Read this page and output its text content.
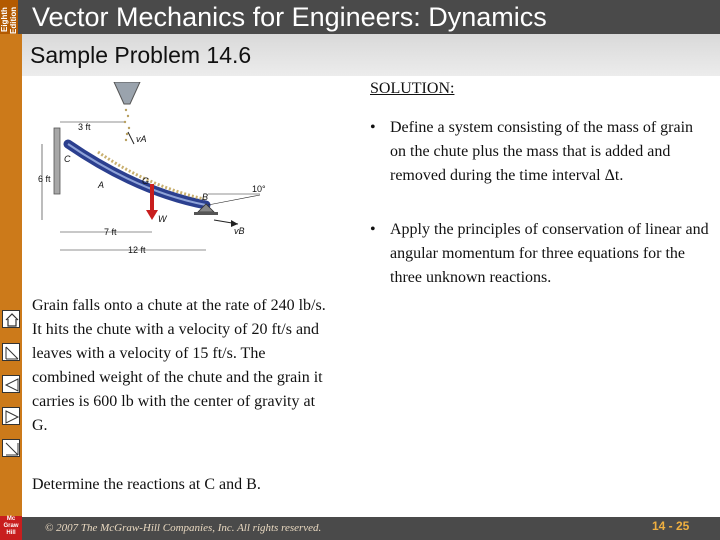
Eighth Edition Vector Mechanics for Engineers: Dynamics
Sample Problem 14.6
3 ft
6 ft
7 ft
12 ft
10°
C
A	G
B
W
vA
vB
SOLUTION:
• Define a system consisting of the mass of grain on the chute plus the mass that is added and removed during the time interval Δt.
• Apply the principles of conservation of linear and angular momentum for three equations for the three unknown reactions.
Grain falls onto a chute at the rate of 240 lb/s. It hits the chute with a velocity of 20 ft/s and leaves with a velocity of 15 ft/s. The combined weight of the chute and the grain it carries is 600 lb with the center of gravity at G.
Determine the reactions at C and B.
Mc Graw Hill	© 2007 The McGraw-Hill Companies, Inc. All rights reserved.	14 - 25
